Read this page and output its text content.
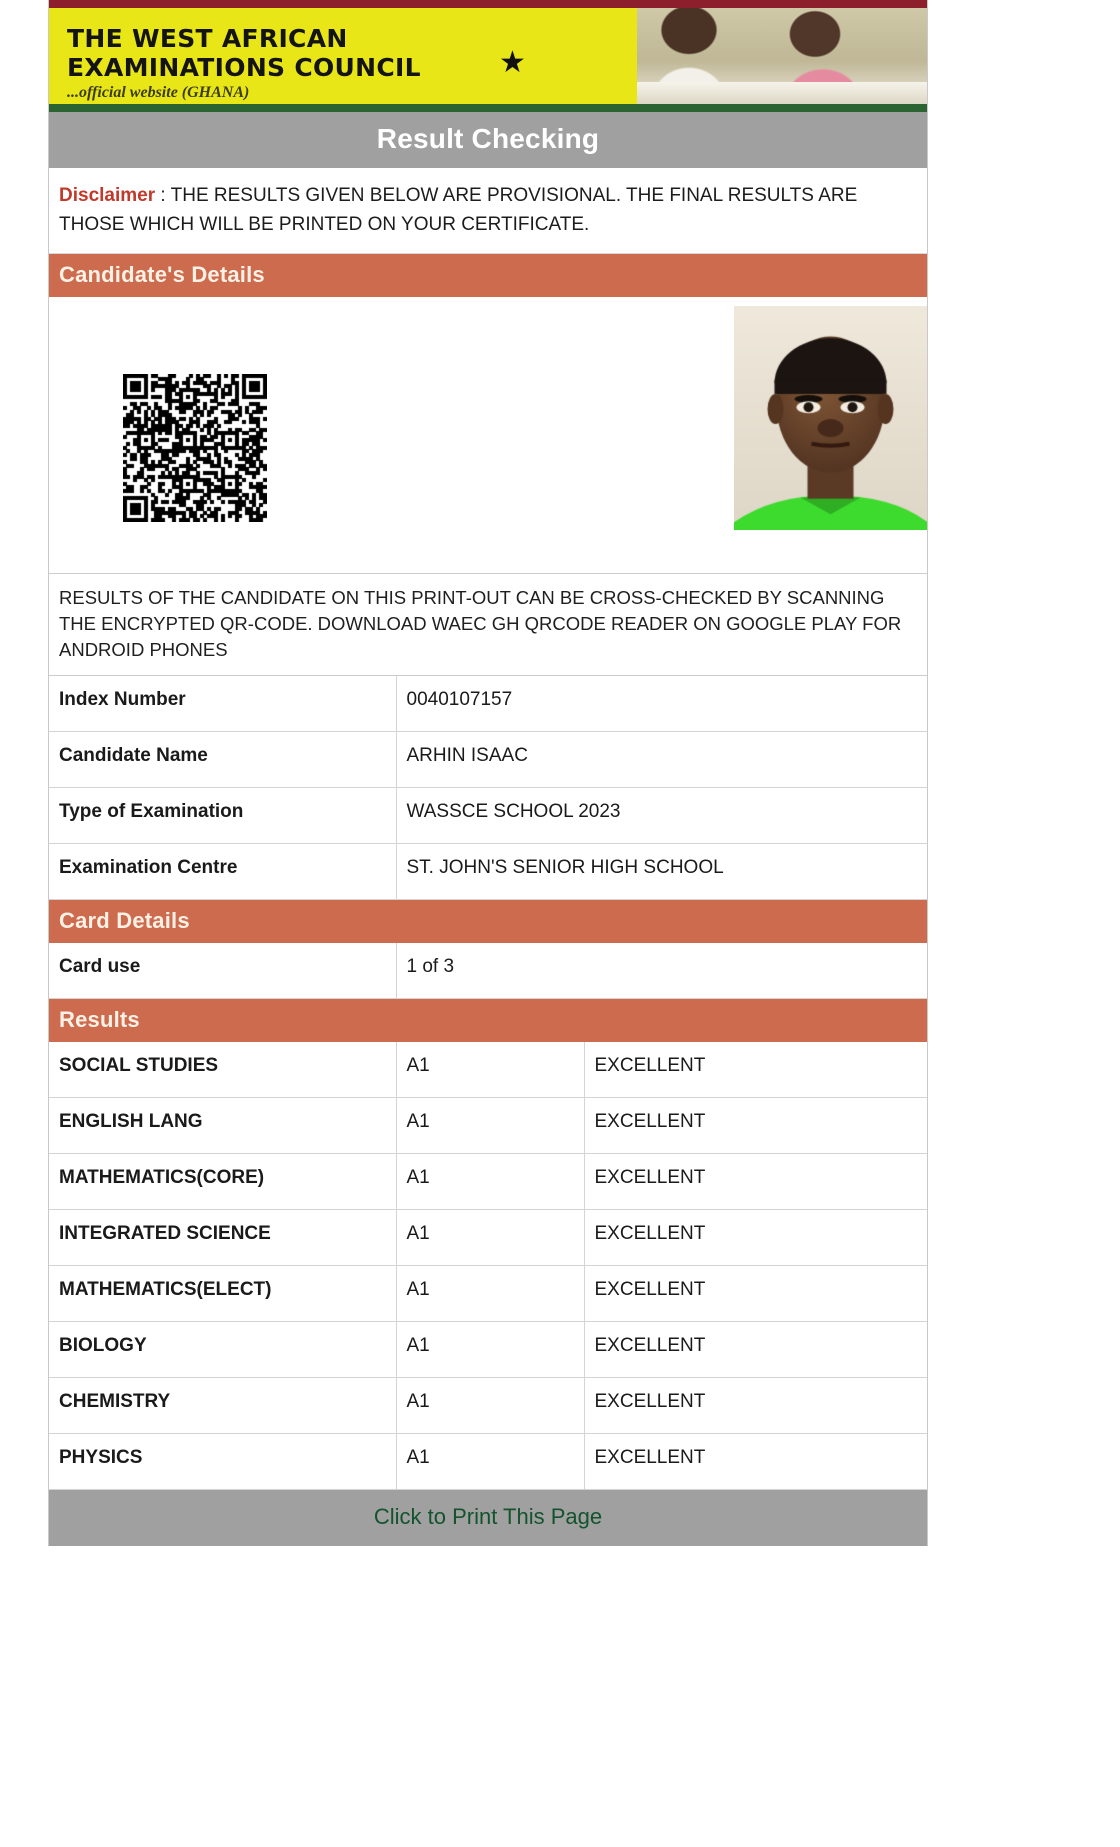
THE WEST AFRICAN
EXAMINATIONS COUNCIL
...official website (GHANA)
★
Result Checking
Disclaimer : THE RESULTS GIVEN BELOW ARE PROVISIONAL. THE FINAL RESULTS ARE THOSE WHICH WILL BE PRINTED ON YOUR CERTIFICATE.
Candidate's Details
RESULTS OF THE CANDIDATE ON THIS PRINT-OUT CAN BE CROSS-CHECKED BY SCANNING THE ENCRYPTED QR-CODE. DOWNLOAD WAEC GH QRCODE READER ON GOOGLE PLAY FOR ANDROID PHONES
Index Number	0040107157
Candidate Name	ARHIN ISAAC
Type of Examination	WASSCE SCHOOL 2023
Examination Centre	ST. JOHN'S SENIOR HIGH SCHOOL
Card Details
Card use	1 of 3
Results
SOCIAL STUDIES	A1	EXCELLENT
ENGLISH LANG	A1	EXCELLENT
MATHEMATICS(CORE)	A1	EXCELLENT
INTEGRATED SCIENCE	A1	EXCELLENT
MATHEMATICS(ELECT)	A1	EXCELLENT
BIOLOGY	A1	EXCELLENT
CHEMISTRY	A1	EXCELLENT
PHYSICS	A1	EXCELLENT
Click to Print This Page
